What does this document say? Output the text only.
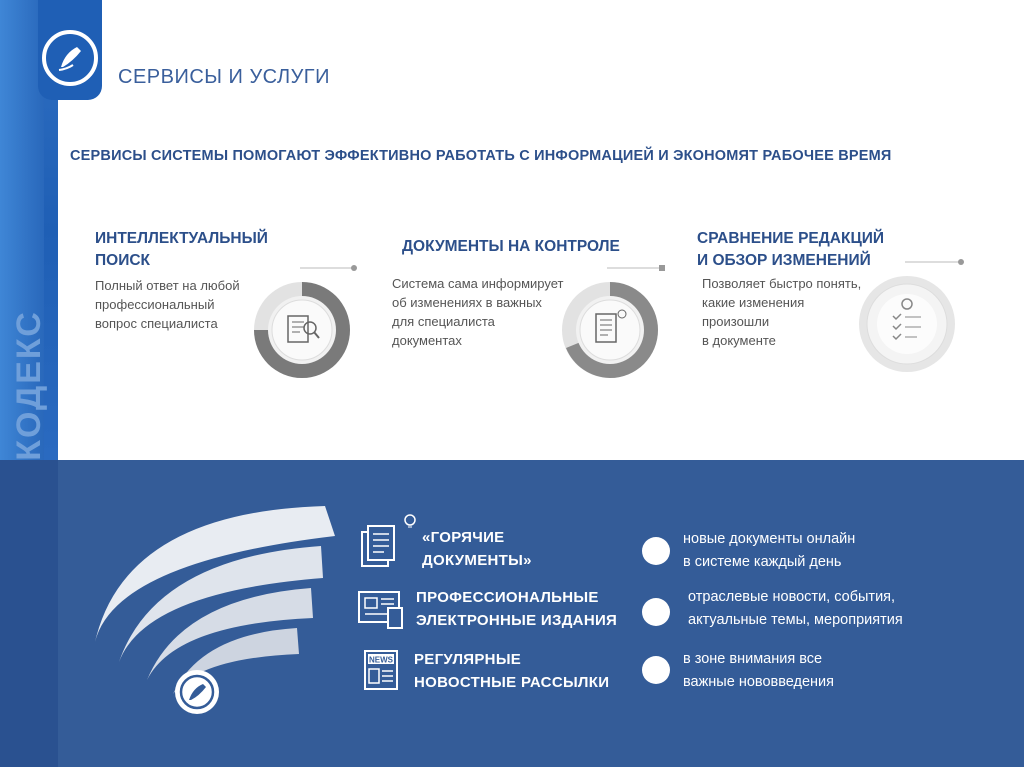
КОДЕКС
СЕРВИСЫ И УСЛУГИ
СЕРВИСЫ СИСТЕМЫ ПОМОГАЮТ ЭФФЕКТИВНО РАБОТАТЬ С ИНФОРМАЦИЕЙ И ЭКОНОМЯТ РАБОЧЕЕ ВРЕМЯ
ИНТЕЛЛЕКТУАЛЬНЫЙ
ПОИСК
Полный ответ на любой
профессиональный
вопрос специалиста
ДОКУМЕНТЫ НА КОНТРОЛЕ
Система сама информирует
об изменениях в важных
для специалиста
документах
СРАВНЕНИЕ РЕДАКЦИЙ
И ОБЗОР ИЗМЕНЕНИЙ
Позволяет быстро понять,
какие изменения
произошли
в документе
«ГОРЯЧИЕ
ДОКУМЕНТЫ»
новые документы онлайн
в системе каждый день
ПРОФЕССИОНАЛЬНЫЕ
ЭЛЕКТРОННЫЕ ИЗДАНИЯ
отраслевые новости, события,
актуальные темы, мероприятия
NEWS РЕГУЛЯРНЫЕ
НОВОСТНЫЕ РАССЫЛКИ
в зоне внимания все
важные нововведения
